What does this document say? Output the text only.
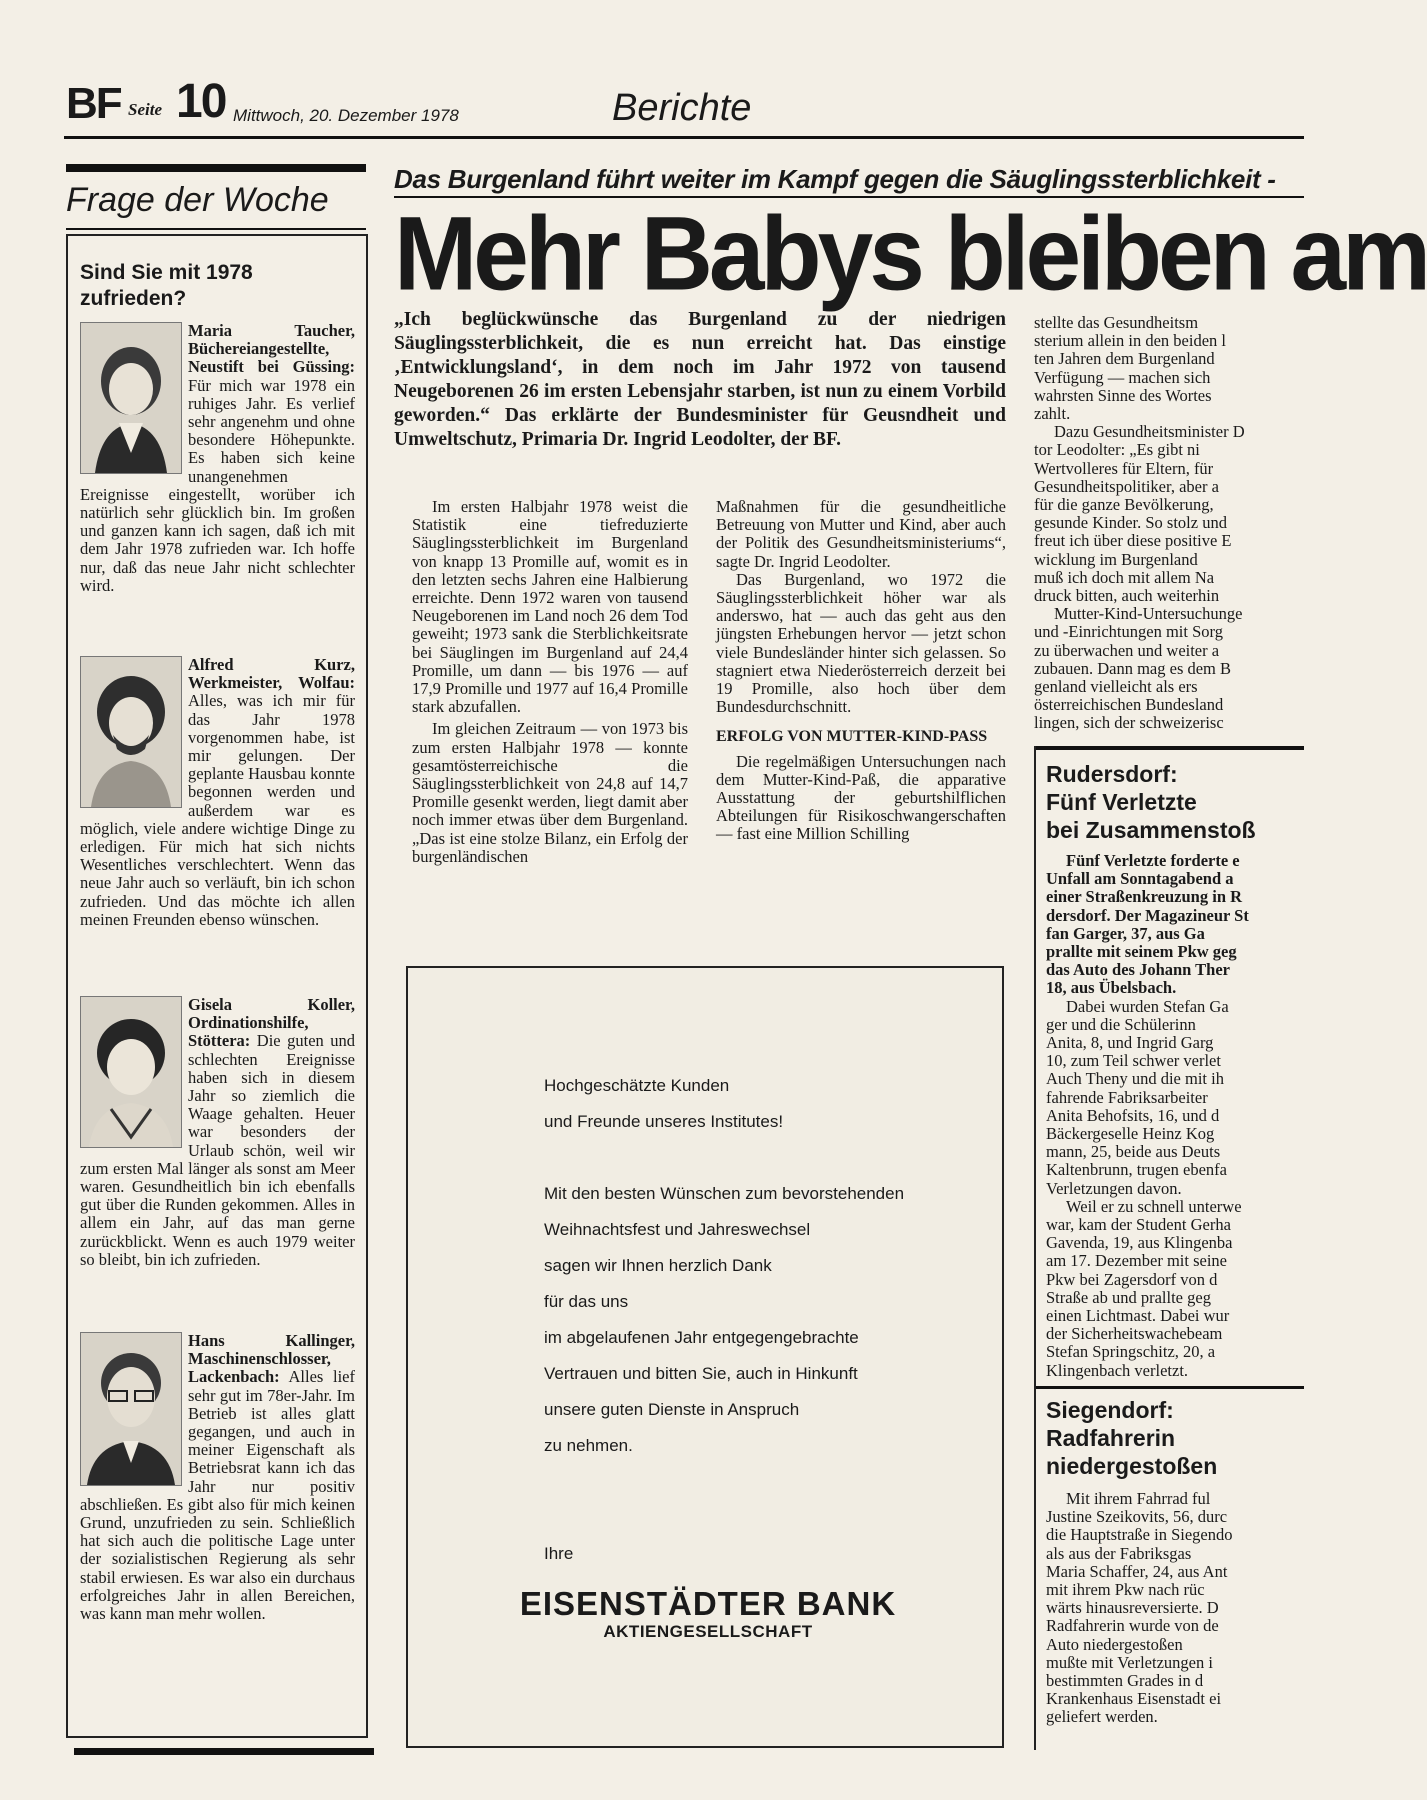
BF Seite 10 Mittwoch, 20. Dezember 1978	Berichte
Frage der Woche
Sind Sie mit 1978 zufrieden?
Maria Taucher, Büchereiangestellte, Neustift bei Güssing: Für mich war 1978 ein ruhiges Jahr. Es verlief sehr angenehm und ohne besondere Höhepunkte. Es haben sich keine unangenehmen Ereignisse eingestellt, worüber ich natürlich sehr glücklich bin. Im großen und ganzen kann ich sagen, daß ich mit dem Jahr 1978 zufrieden war. Ich hoffe nur, daß das neue Jahr nicht schlechter wird.
Alfred Kurz, Werkmeister, Wolfau: Alles, was ich mir für das Jahr 1978 vorgenommen habe, ist mir gelungen. Der geplante Hausbau konnte begonnen werden und außerdem war es möglich, viele andere wichtige Dinge zu erledigen. Für mich hat sich nichts Wesentliches verschlechtert. Wenn das neue Jahr auch so verläuft, bin ich schon zufrieden. Und das möchte ich allen meinen Freunden ebenso wünschen.
Gisela Koller, Ordinationshilfe, Stöttera: Die guten und schlechten Ereignisse haben sich in diesem Jahr so ziemlich die Waage gehalten. Heuer war besonders der Urlaub schön, weil wir zum ersten Mal länger als sonst am Meer waren. Gesundheitlich bin ich ebenfalls gut über die Runden gekommen. Alles in allem ein Jahr, auf das man gerne zurückblickt. Wenn es auch 1979 weiter so bleibt, bin ich zufrieden.
Hans Kallinger, Maschinenschlosser, Lackenbach: Alles lief sehr gut im 78er-Jahr. Im Betrieb ist alles glatt gegangen, und auch in meiner Eigenschaft als Betriebsrat kann ich das Jahr nur positiv abschließen. Es gibt also für mich keinen Grund, unzufrieden zu sein. Schließlich hat sich auch die politische Lage unter der sozialistischen Regierung als sehr stabil erwiesen. Es war also ein durchaus erfolgreiches Jahr in allen Bereichen, was kann man mehr wollen.
Das Burgenland führt weiter im Kampf gegen die Säuglingssterblichkeit -
Mehr Babys bleiben am
„Ich beglückwünsche das Burgenland zu der niedrigen Säuglingssterblichkeit, die es nun erreicht hat. Das einstige ‚Entwicklungsland‘, in dem noch im Jahr 1972 von tausend Neugeborenen 26 im ersten Lebensjahr starben, ist nun zu einem Vorbild geworden.“ Das erklärte der Bundesminister für Geusndheit und Umweltschutz, Primaria Dr. Ingrid Leodolter, der BF.

Im ersten Halbjahr 1978 weist die Statistik eine tiefreduzierte Säuglingssterblichkeit im Burgenland von knapp 13 Promille auf, womit es in den letzten sechs Jahren eine Halbierung erreichte. Denn 1972 waren von tausend Neugeborenen im Land noch 26 dem Tod geweiht; 1973 sank die Sterblichkeitsrate bei Säuglingen im Burgenland auf 24,4 Promille, um dann — bis 1976 — auf 17,9 Promille und 1977 auf 16,4 Promille stark abzufallen.

Im gleichen Zeitraum — von 1973 bis zum ersten Halbjahr 1978 — konnte gesamtösterreichische die Säuglingssterblichkeit von 24,8 auf 14,7 Promille gesenkt werden, liegt damit aber noch immer etwas über dem Burgenland. „Das ist eine stolze Bilanz, ein Erfolg der burgenländischen

Maßnahmen für die gesundheitliche Betreuung von Mutter und Kind, aber auch der Politik des Gesundheitsministeriums“, sagte Dr. Ingrid Leodolter.

Das Burgenland, wo 1972 die Säuglingssterblichkeit höher war als anderswo, hat — auch das geht aus den jüngsten Erhebungen hervor — jetzt schon viele Bundesländer hinter sich gelassen. So stagniert etwa Niederösterreich derzeit bei 19 Promille, also hoch über dem Bundesdurchschnitt.

ERFOLG VON MUTTER-KIND-PASS

Die regelmäßigen Untersuchungen nach dem Mutter-Kind-Paß, die apparative Ausstattung der geburtshilflichen Abteilungen für Risikoschwangerschaften — fast eine Million Schilling

stellte das Gesundheitsm
sterium allein in den beiden l
ten Jahren dem Burgenland
Verfügung — machen sich
wahrsten Sinne des Wortes
zahlt.
Dazu Gesundheitsminister D
tor Leodolter: „Es gibt ni
Wertvolleres für Eltern, für
Gesundheitspolitiker, aber a
für die ganze Bevölkerung,
gesunde Kinder. So stolz und
freut ich über diese positive E
wicklung im Burgenland
muß ich doch mit allem Na
druck bitten, auch weiterhin
Mutter-Kind-Untersuchunge
und -Einrichtungen mit Sorg
zu überwachen und weiter a
zubauen. Dann mag es dem B
genland vielleicht als ers
österreichischen Bundesland
lingen, sich der schweizerisc
Hochgeschätzte Kunden
und Freunde unseres Institutes!
Mit den besten Wünschen zum bevorstehenden
Weihnachtsfest und Jahreswechsel
sagen wir Ihnen herzlich Dank
für das uns
im abgelaufenen Jahr entgegengebrachte
Vertrauen und bitten Sie, auch in Hinkunft
unsere guten Dienste in Anspruch
zu nehmen.
Ihre
EISENSTÄDTER BANK
AKTIENGESELLSCHAFT
Rudersdorf:
Fünf Verletzte
bei Zusammenstoß
Fünf Verletzte forderte e
Unfall am Sonntagabend a
einer Straßenkreuzung in R
dersdorf. Der Magazineur St
fan Garger, 37, aus Ga
prallte mit seinem Pkw geg
das Auto des Johann Ther
18, aus Übelsbach.
Dabei wurden Stefan Ga
ger und die Schülerinn
Anita, 8, und Ingrid Garg
10, zum Teil schwer verlet
Auch Theny und die mit ih
fahrende Fabriksarbeiter
Anita Behofsits, 16, und d
Bäckergeselle Heinz Kog
mann, 25, beide aus Deuts
Kaltenbrunn, trugen ebenfa
Verletzungen davon.
Weil er zu schnell unterwe
war, kam der Student Gerha
Gavenda, 19, aus Klingenba
am 17. Dezember mit seine
Pkw bei Zagersdorf von d
Straße ab und prallte geg
einen Lichtmast. Dabei wur
der Sicherheitswachebeam
Stefan Springschitz, 20, a
Klingenbach verletzt.
Siegendorf:
Radfahrerin
niedergestoßen
Mit ihrem Fahrrad ful
Justine Szeikovits, 56, durc
die Hauptstraße in Siegendo
als aus der Fabriksgas
Maria Schaffer, 24, aus Ant
mit ihrem Pkw nach rüc
wärts hinausreversierte. D
Radfahrerin wurde von de
Auto niedergestoßen
mußte mit Verletzungen i
bestimmten Grades in d
Krankenhaus Eisenstadt ei
geliefert werden.
